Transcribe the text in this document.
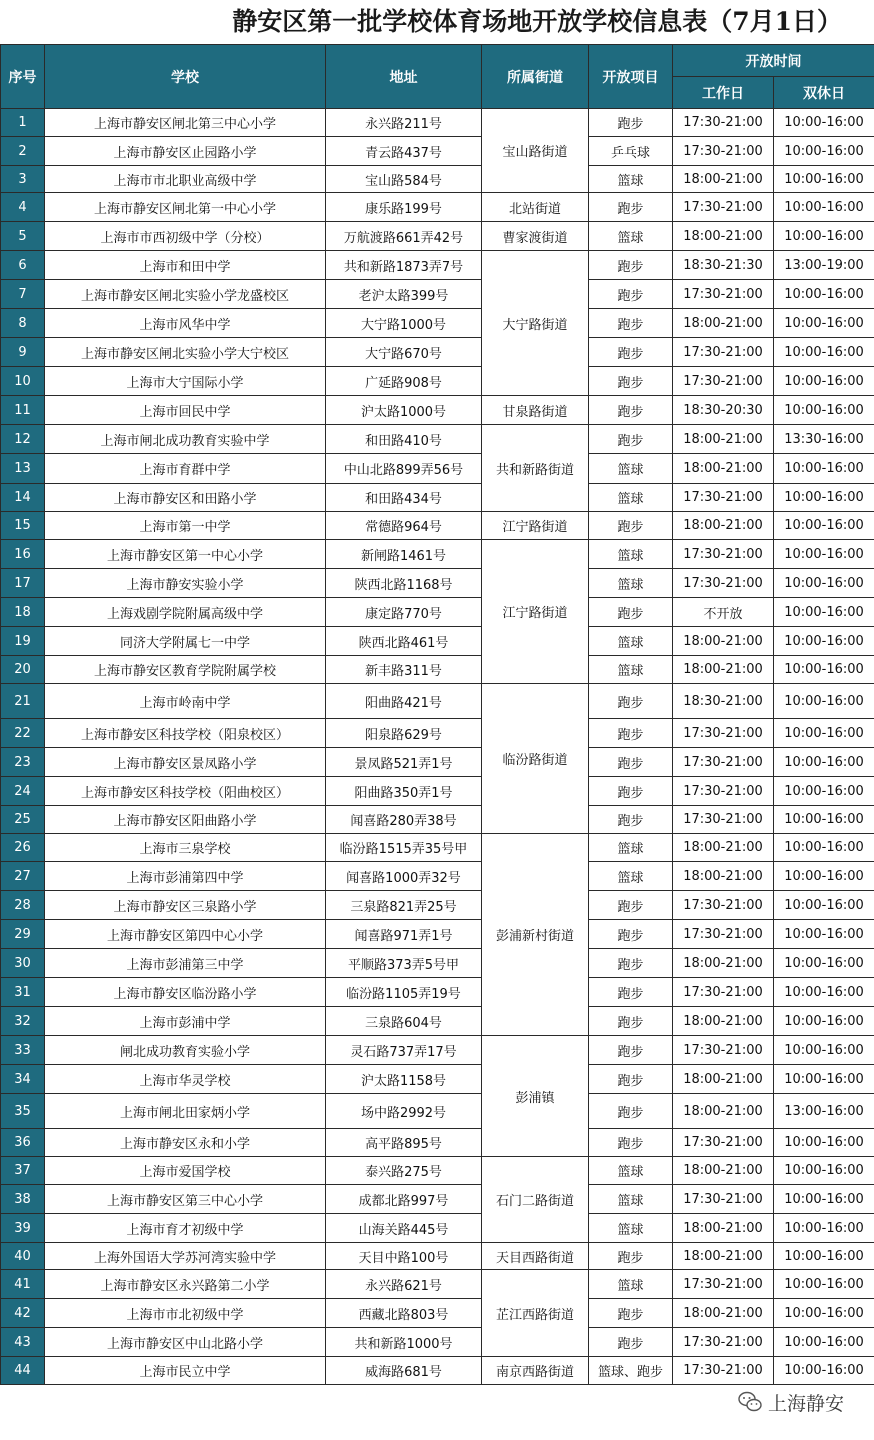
静安区第一批学校体育场地开放学校信息表（7月1日）
序号	学校	地址	所属街道	开放项目	开放时间	
					工作日	双休日
1	上海市静安区闸北第三中心小学	永兴路211号	宝山路街道	跑步	17:30-21:00	10:00-16:00
2	上海市静安区止园路小学	青云路437号		乒乓球	17:30-21:00	10:00-16:00
3	上海市市北职业高级中学	宝山路584号		篮球	18:00-21:00	10:00-16:00
4	上海市静安区闸北第一中心小学	康乐路199号	北站街道	跑步	17:30-21:00	10:00-16:00
5	上海市市西初级中学（分校）	万航渡路661弄42号	曹家渡街道	篮球	18:00-21:00	10:00-16:00
6	上海市和田中学	共和新路1873弄7号	大宁路街道	跑步	18:30-21:30	13:00-19:00
7	上海市静安区闸北实验小学龙盛校区	老沪太路399号		跑步	17:30-21:00	10:00-16:00
8	上海市风华中学	大宁路1000号		跑步	18:00-21:00	10:00-16:00
9	上海市静安区闸北实验小学大宁校区	大宁路670号		跑步	17:30-21:00	10:00-16:00
10	上海市大宁国际小学	广延路908号		跑步	17:30-21:00	10:00-16:00
11	上海市回民中学	沪太路1000号	甘泉路街道	跑步	18:30-20:30	10:00-16:00
12	上海市闸北成功教育实验中学	和田路410号	共和新路街道	跑步	18:00-21:00	13:30-16:00
13	上海市育群中学	中山北路899弄56号		篮球	18:00-21:00	10:00-16:00
14	上海市静安区和田路小学	和田路434号		篮球	17:30-21:00	10:00-16:00
15	上海市第一中学	常德路964号	江宁路街道	跑步	18:00-21:00	10:00-16:00
16	上海市静安区第一中心小学	新闸路1461号	江宁路街道	篮球	17:30-21:00	10:00-16:00
17	上海市静安实验小学	陕西北路1168号		篮球	17:30-21:00	10:00-16:00
18	上海戏剧学院附属高级中学	康定路770号		跑步	不开放	10:00-16:00
19	同济大学附属七一中学	陕西北路461号		篮球	18:00-21:00	10:00-16:00
20	上海市静安区教育学院附属学校	新丰路311号		篮球	18:00-21:00	10:00-16:00
21	上海市岭南中学	阳曲路421号	临汾路街道	跑步	18:30-21:00	10:00-16:00
22	上海市静安区科技学校（阳泉校区）	阳泉路629号		跑步	17:30-21:00	10:00-16:00
23	上海市静安区景凤路小学	景凤路521弄1号		跑步	17:30-21:00	10:00-16:00
24	上海市静安区科技学校（阳曲校区）	阳曲路350弄1号		跑步	17:30-21:00	10:00-16:00
25	上海市静安区阳曲路小学	闻喜路280弄38号		跑步	17:30-21:00	10:00-16:00
26	上海市三泉学校	临汾路1515弄35号甲	彭浦新村街道	篮球	18:00-21:00	10:00-16:00
27	上海市彭浦第四中学	闻喜路1000弄32号		篮球	18:00-21:00	10:00-16:00
28	上海市静安区三泉路小学	三泉路821弄25号		跑步	17:30-21:00	10:00-16:00
29	上海市静安区第四中心小学	闻喜路971弄1号		跑步	17:30-21:00	10:00-16:00
30	上海市彭浦第三中学	平顺路373弄5号甲		跑步	18:00-21:00	10:00-16:00
31	上海市静安区临汾路小学	临汾路1105弄19号		跑步	17:30-21:00	10:00-16:00
32	上海市彭浦中学	三泉路604号		跑步	18:00-21:00	10:00-16:00
33	闸北成功教育实验小学	灵石路737弄17号	彭浦镇	跑步	17:30-21:00	10:00-16:00
34	上海市华灵学校	沪太路1158号		跑步	18:00-21:00	10:00-16:00
35	上海市闸北田家炳小学	场中路2992号		跑步	18:00-21:00	13:00-16:00
36	上海市静安区永和小学	高平路895号		跑步	17:30-21:00	10:00-16:00
37	上海市爱国学校	泰兴路275号	石门二路街道	篮球	18:00-21:00	10:00-16:00
38	上海市静安区第三中心小学	成都北路997号		篮球	17:30-21:00	10:00-16:00
39	上海市育才初级中学	山海关路445号		篮球	18:00-21:00	10:00-16:00
40	上海外国语大学苏河湾实验中学	天目中路100号	天目西路街道	跑步	18:00-21:00	10:00-16:00
41	上海市静安区永兴路第二小学	永兴路621号	芷江西路街道	篮球	17:30-21:00	10:00-16:00
42	上海市市北初级中学	西藏北路803号		跑步	18:00-21:00	10:00-16:00
43	上海市静安区中山北路小学	共和新路1000号		跑步	17:30-21:00	10:00-16:00
44	上海市民立中学	威海路681号	南京西路街道	篮球、跑步	17:30-21:00	10:00-16:00
上海静安
